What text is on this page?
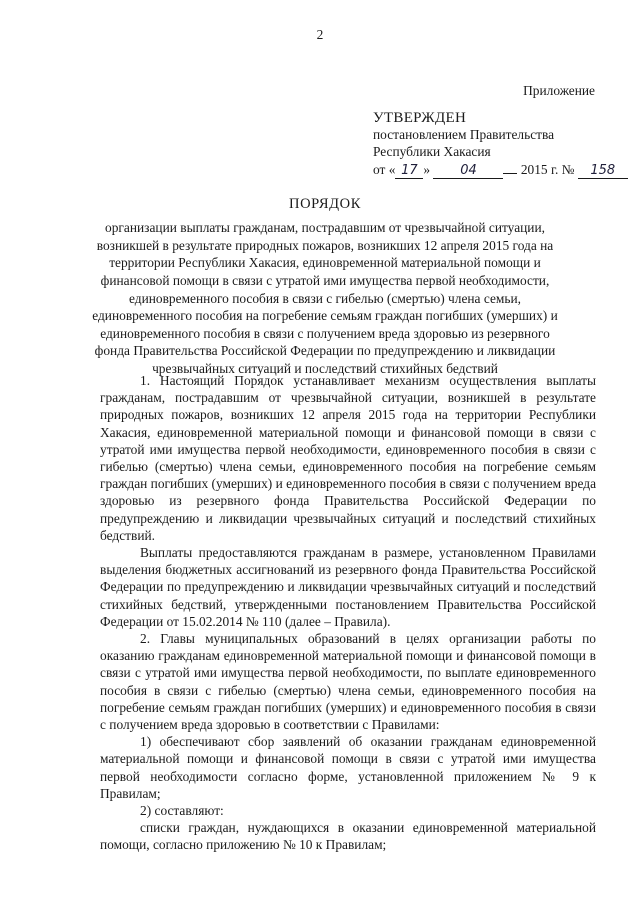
2
Приложение
УТВЕРЖДЕН
постановлением Правительства
Республики Хакасия
от « 17 » 04	2015 г. № 158
ПОРЯДОК
организации выплаты гражданам, пострадавшим от чрезвычайной ситуации, возникшей в результате природных пожаров, возникших 12 апреля 2015 года на территории Республики Хакасия, единовременной материальной помощи и финансовой помощи в связи с утратой ими имущества первой необходимости, единовременного пособия в связи с гибелью (смертью) члена семьи, единовременного пособия на погребение семьям граждан погибших (умерших) и единовременного пособия в связи с получением вреда здоровью из резервного фонда Правительства Российской Федерации по предупреждению и ликвидации чрезвычайных ситуаций и последствий стихийных бедствий

1. Настоящий Порядок устанавливает механизм осуществления выплаты гражданам, пострадавшим от чрезвычайной ситуации, возникшей в результате природных пожаров, возникших 12 апреля 2015 года на территории Республики Хакасия, единовременной материальной помощи и финансовой помощи в связи с утратой ими имущества первой необходимости, единовременного пособия в связи с гибелью (смертью) члена семьи, единовременного пособия на погребение семьям граждан погибших (умерших) и единовременного пособия в связи с получением вреда здоровью из резервного фонда Правительства Российской Федерации по предупреждению и ликвидации чрезвычайных ситуаций и последствий стихийных бедствий.

Выплаты предоставляются гражданам в размере, установленном Правилами выделения бюджетных ассигнований из резервного фонда Правительства Российской Федерации по предупреждению и ликвидации чрезвычайных ситуаций и последствий стихийных бедствий, утвержденными постановлением Правительства Российской Федерации от 15.02.2014 № 110 (далее – Правила).

2. Главы муниципальных образований в целях организации работы по оказанию гражданам единовременной материальной помощи и финансовой помощи в связи с утратой ими имущества первой необходимости, по выплате единовременного пособия в связи с гибелью (смертью) члена семьи, единовременного пособия на погребение семьям граждан погибших (умерших) и единовременного пособия в связи с получением вреда здоровью в соответствии с Правилами:

1) обеспечивают сбор заявлений об оказании гражданам единовременной материальной помощи и финансовой помощи в связи с утратой ими имущества первой необходимости согласно форме, установленной приложением № 9 к Правилам;

2) составляют:

списки граждан, нуждающихся в оказании единовременной материальной помощи, согласно приложению № 10 к Правилам;
